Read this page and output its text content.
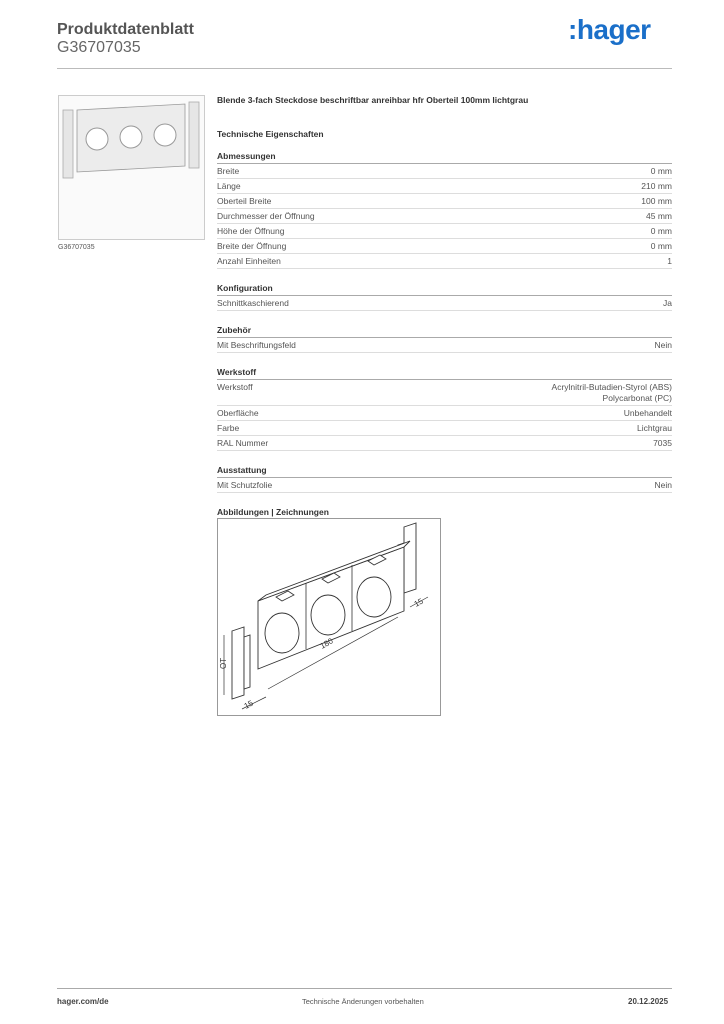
Produktdatenblatt
G36707035
:hager
G36707035
Blende 3-fach Steckdose beschriftbar anreihbar hfr Oberteil 100mm lichtgrau
Technische Eigenschaften
Abmessungen
Breite	0 mm
Länge	210 mm
Oberteil Breite	100 mm
Durchmesser der Öffnung	45 mm
Höhe der Öffnung	0 mm
Breite der Öffnung	0 mm
Anzahl Einheiten	1
Konfiguration
Schnittkaschierend	Ja
Zubehör
Mit Beschriftungsfeld	Nein
Werkstoff
Werkstoff	Acrylnitril-Butadien-Styrol (ABS)
Polycarbonat (PC)
Oberfläche	Unbehandelt
Farbe	Lichtgrau
RAL Nummer	7035
Ausstattung
Mit Schutzfolie	Nein
Abbildungen | Zeichnungen
OT
180
15
15
hager.com/de	Technische Änderungen vorbehalten	20.12.2025
